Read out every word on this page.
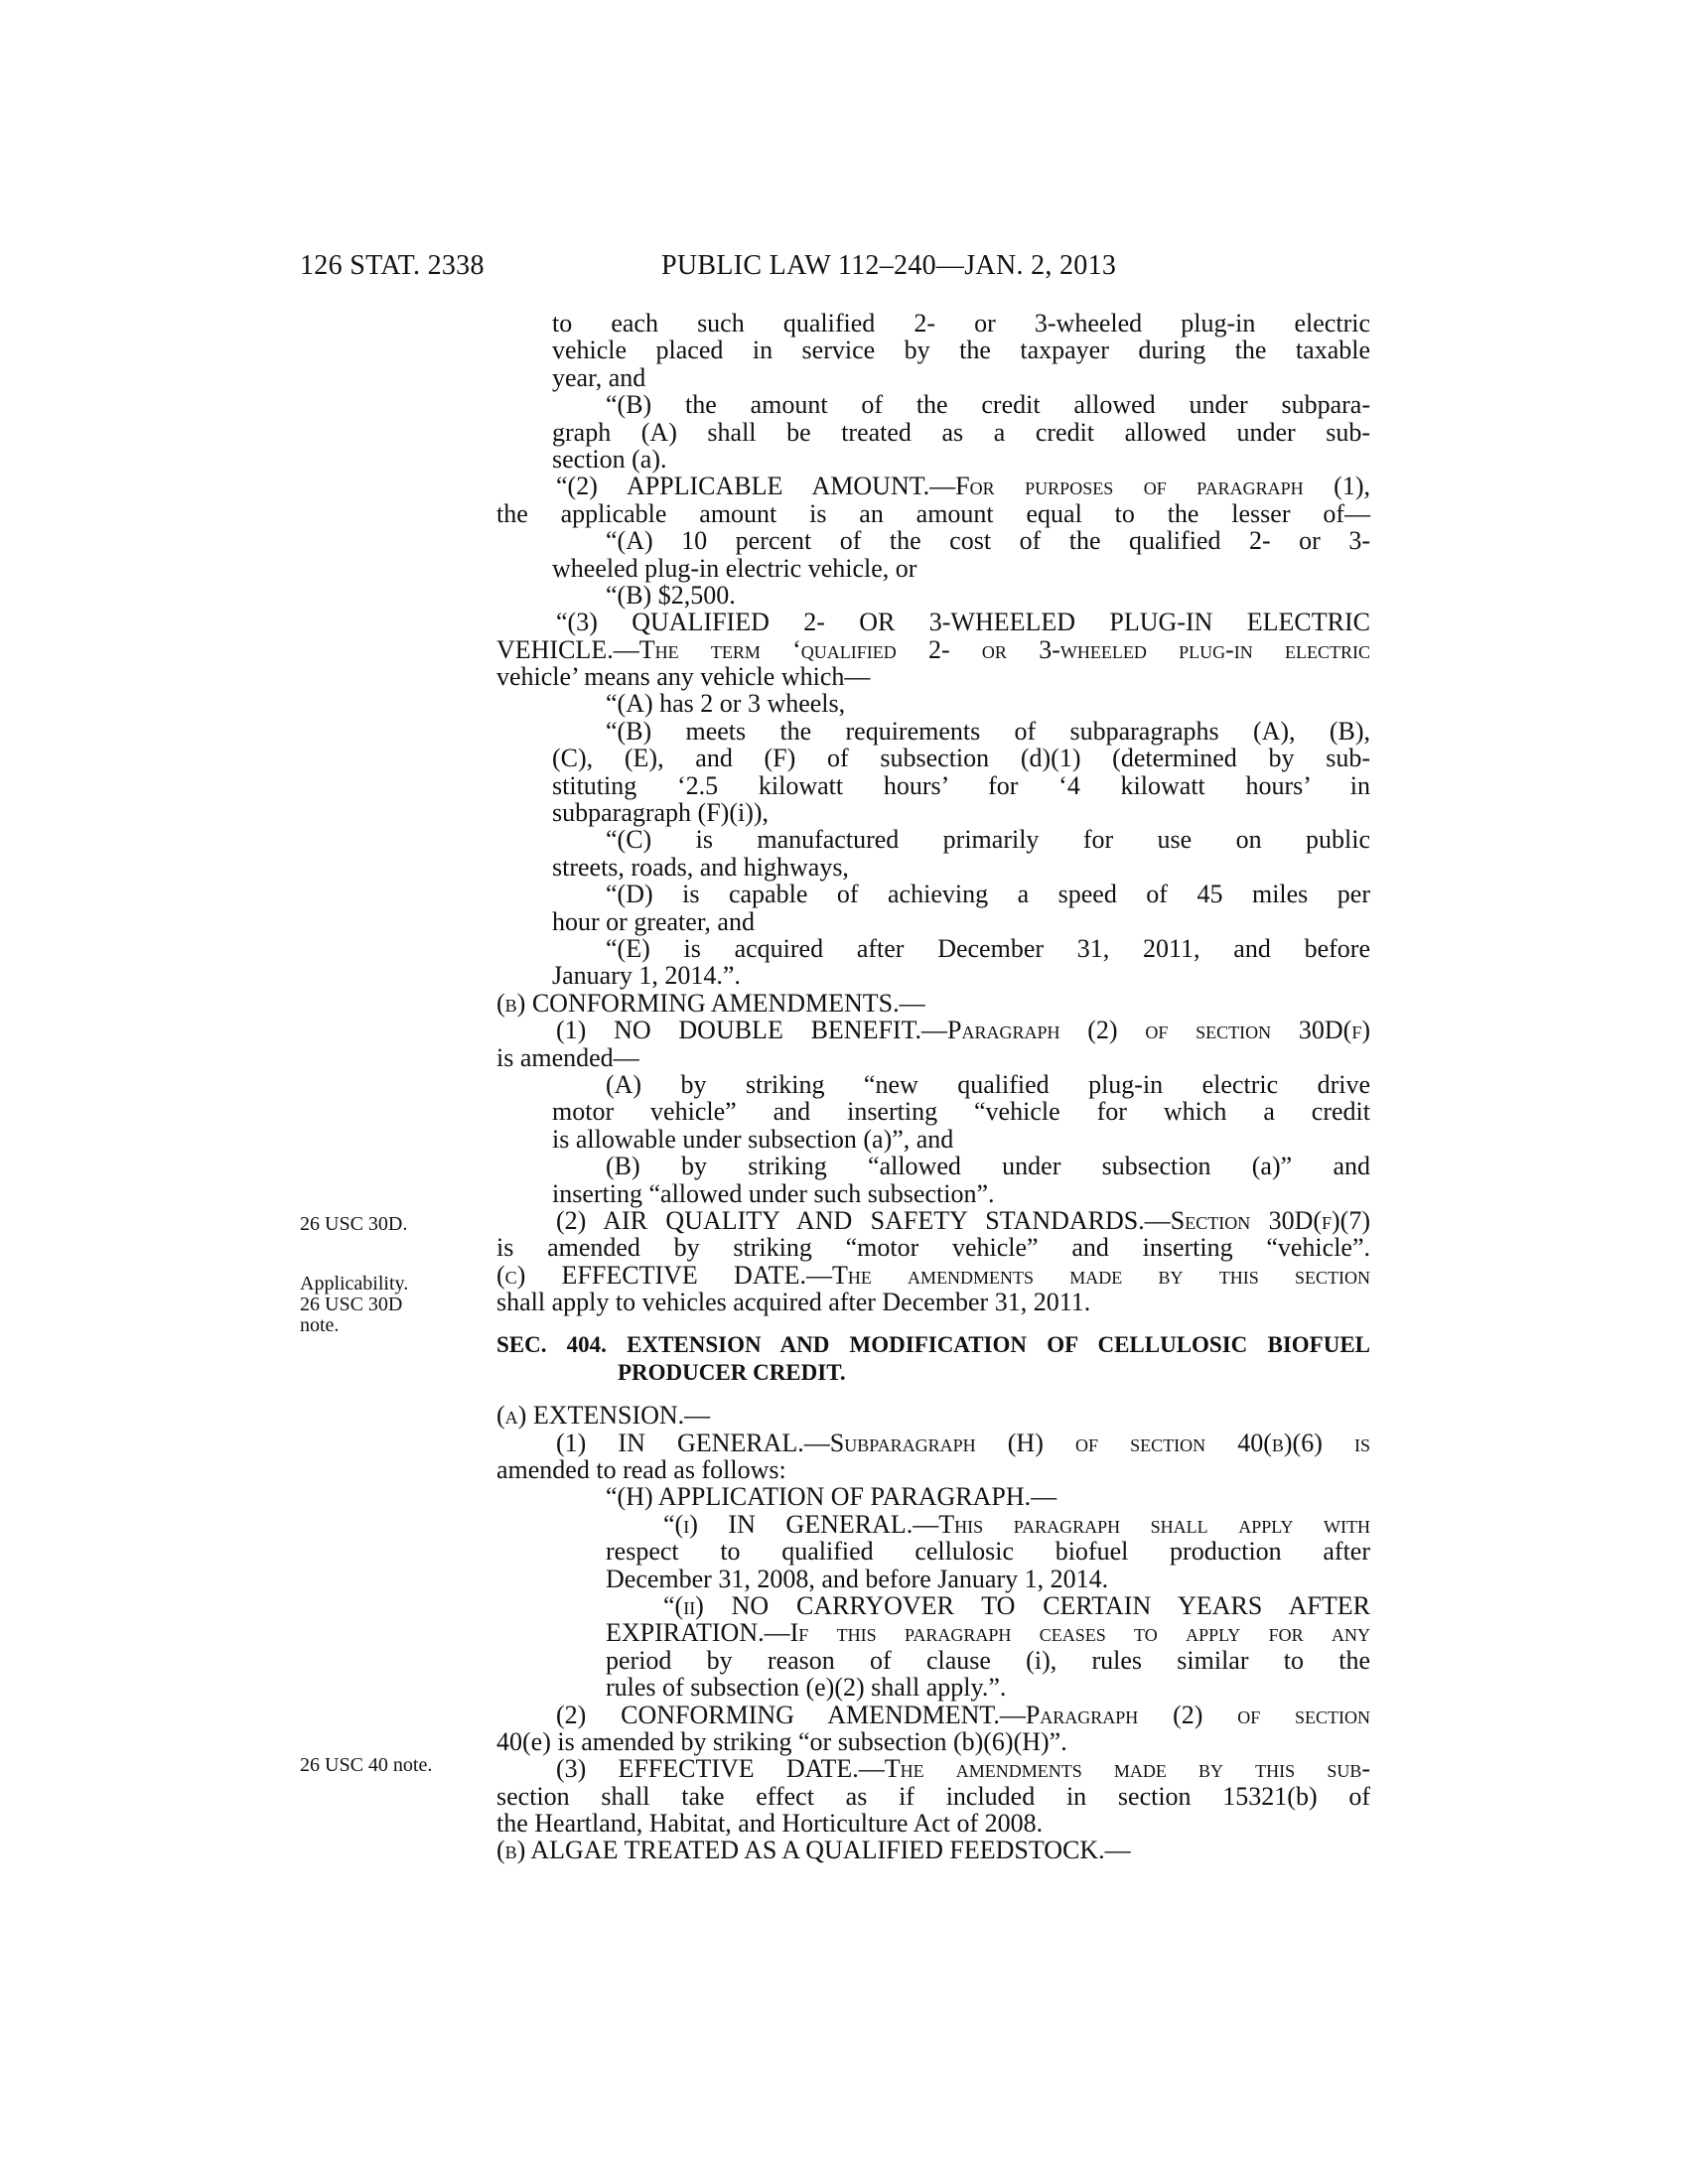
126 STAT. 2338	PUBLIC LAW 112–240—JAN. 2, 2013
to each such qualified 2- or 3-wheeled plug-in electric
vehicle placed in service by the taxpayer during the taxable
year, and
“(B) the amount of the credit allowed under subpara-
graph (A) shall be treated as a credit allowed under sub-
section (a).
“(2) APPLICABLE AMOUNT.—For purposes of paragraph (1),
the applicable amount is an amount equal to the lesser of—
“(A) 10 percent of the cost of the qualified 2- or 3-
wheeled plug-in electric vehicle, or
“(B) $2,500.
“(3) QUALIFIED 2- OR 3-WHEELED PLUG-IN ELECTRIC
VEHICLE.—The term ‘qualified 2- or 3-wheeled plug-in electric
vehicle’ means any vehicle which—
“(A) has 2 or 3 wheels,
“(B) meets the requirements of subparagraphs (A), (B),
(C), (E), and (F) of subsection (d)(1) (determined by sub-
stituting ‘2.5 kilowatt hours’ for ‘4 kilowatt hours’ in
subparagraph (F)(i)),
“(C) is manufactured primarily for use on public
streets, roads, and highways,
“(D) is capable of achieving a speed of 45 miles per
hour or greater, and
“(E) is acquired after December 31, 2011, and before
January 1, 2014.”.
(b) CONFORMING AMENDMENTS.—
(1) NO DOUBLE BENEFIT.—Paragraph (2) of section 30D(f)
is amended—
(A) by striking “new qualified plug-in electric drive
motor vehicle” and inserting “vehicle for which a credit
is allowable under subsection (a)”, and
(B) by striking “allowed under subsection (a)” and
inserting “allowed under such subsection”.
(2) AIR QUALITY AND SAFETY STANDARDS.—Section 30D(f)(7)
is amended by striking “motor vehicle” and inserting “vehicle”.
(c) EFFECTIVE DATE.—The amendments made by this section
shall apply to vehicles acquired after December 31, 2011.
SEC. 404. EXTENSION AND MODIFICATION OF CELLULOSIC BIOFUEL
PRODUCER CREDIT.
(a) EXTENSION.—
(1) IN GENERAL.—Subparagraph (H) of section 40(b)(6) is
amended to read as follows:
“(H) APPLICATION OF PARAGRAPH.—
“(i) IN GENERAL.—This paragraph shall apply with
respect to qualified cellulosic biofuel production after
December 31, 2008, and before January 1, 2014.
“(ii) NO CARRYOVER TO CERTAIN YEARS AFTER
EXPIRATION.—If this paragraph ceases to apply for any
period by reason of clause (i), rules similar to the
rules of subsection (e)(2) shall apply.”.
(2) CONFORMING AMENDMENT.—Paragraph (2) of section
40(e) is amended by striking “or subsection (b)(6)(H)”.
(3) EFFECTIVE DATE.—The amendments made by this sub-
section shall take effect as if included in section 15321(b) of
the Heartland, Habitat, and Horticulture Act of 2008.
(b) ALGAE TREATED AS A QUALIFIED FEEDSTOCK.—
26 USC 30D.
Applicability.
26 USC 30D
note.
26 USC 40 note.
